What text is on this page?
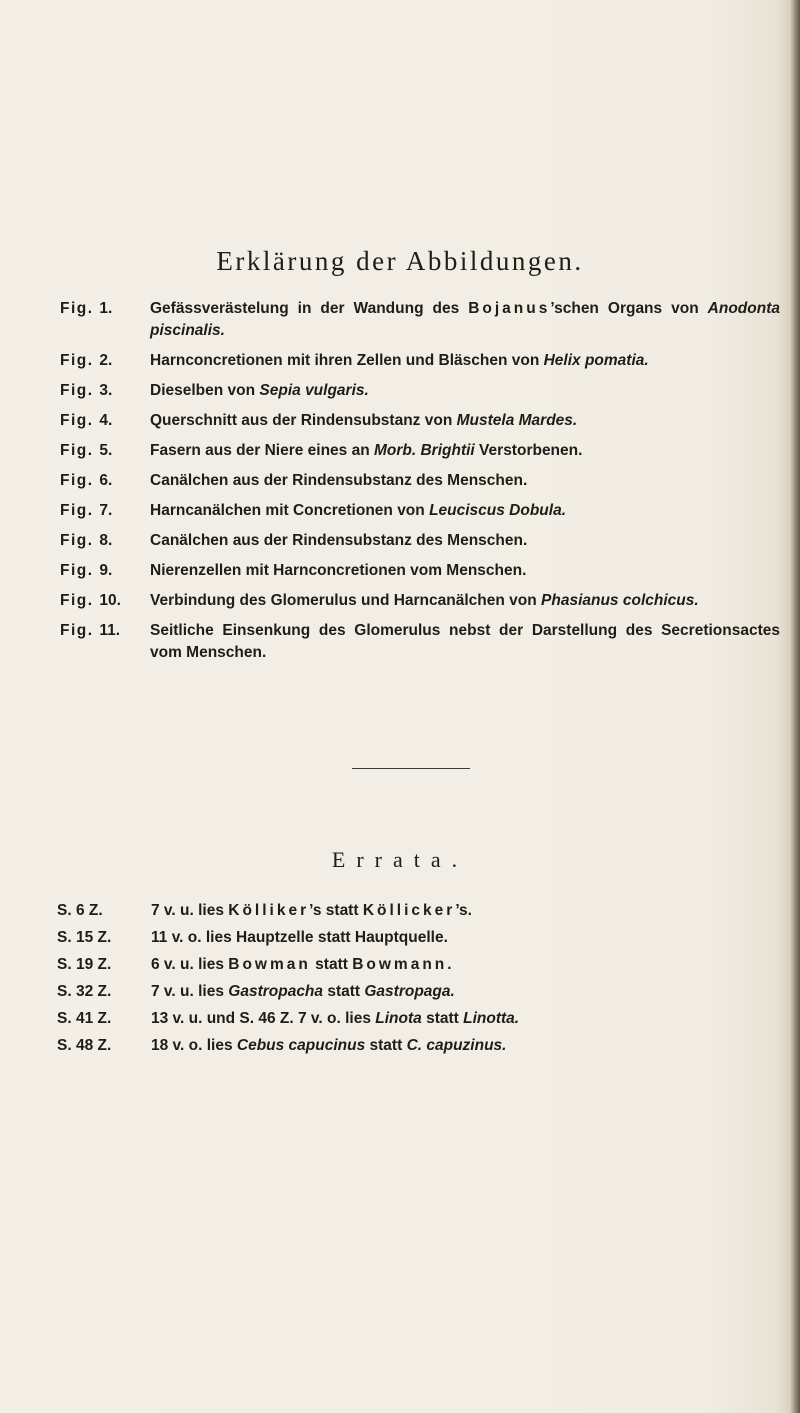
Erklärung der Abbildungen.
Fig. 1.	Gefässverästelung in der Wandung des Bojanus’schen Organs von Anodonta piscinalis.
Fig. 2.	Harnconcretionen mit ihren Zellen und Bläschen von Helix pomatia.
Fig. 3.	Dieselben von Sepia vulgaris.
Fig. 4.	Querschnitt aus der Rindensubstanz von Mustela Mardes.
Fig. 5.	Fasern aus der Niere eines an Morb. Brightii Verstorbenen.
Fig. 6.	Canälchen aus der Rindensubstanz des Menschen.
Fig. 7.	Harncanälchen mit Concretionen von Leuciscus Dobula.
Fig. 8.	Canälchen aus der Rindensubstanz des Menschen.
Fig. 9.	Nierenzellen mit Harnconcretionen vom Menschen.
Fig. 10.	Verbindung des Glomerulus und Harncanälchen von Phasianus colchicus.
Fig. 11.	Seitliche Einsenkung des Glomerulus nebst der Darstellung des Secretionsactes vom Menschen.
Errata.
S. 6 Z.	7 v. u. lies Kölliker’s statt Köllicker’s.
S. 15 Z.	11 v. o. lies Hauptzelle statt Hauptquelle.
S. 19 Z.	6 v. u. lies Bowman statt Bowmann.
S. 32 Z.	7 v. u. lies Gastropacha statt Gastropaga.
S. 41 Z.	13 v. u. und S. 46 Z. 7 v. o. lies Linota statt Linotta.
S. 48 Z.	18 v. o. lies Cebus capucinus statt C. capuzinus.
